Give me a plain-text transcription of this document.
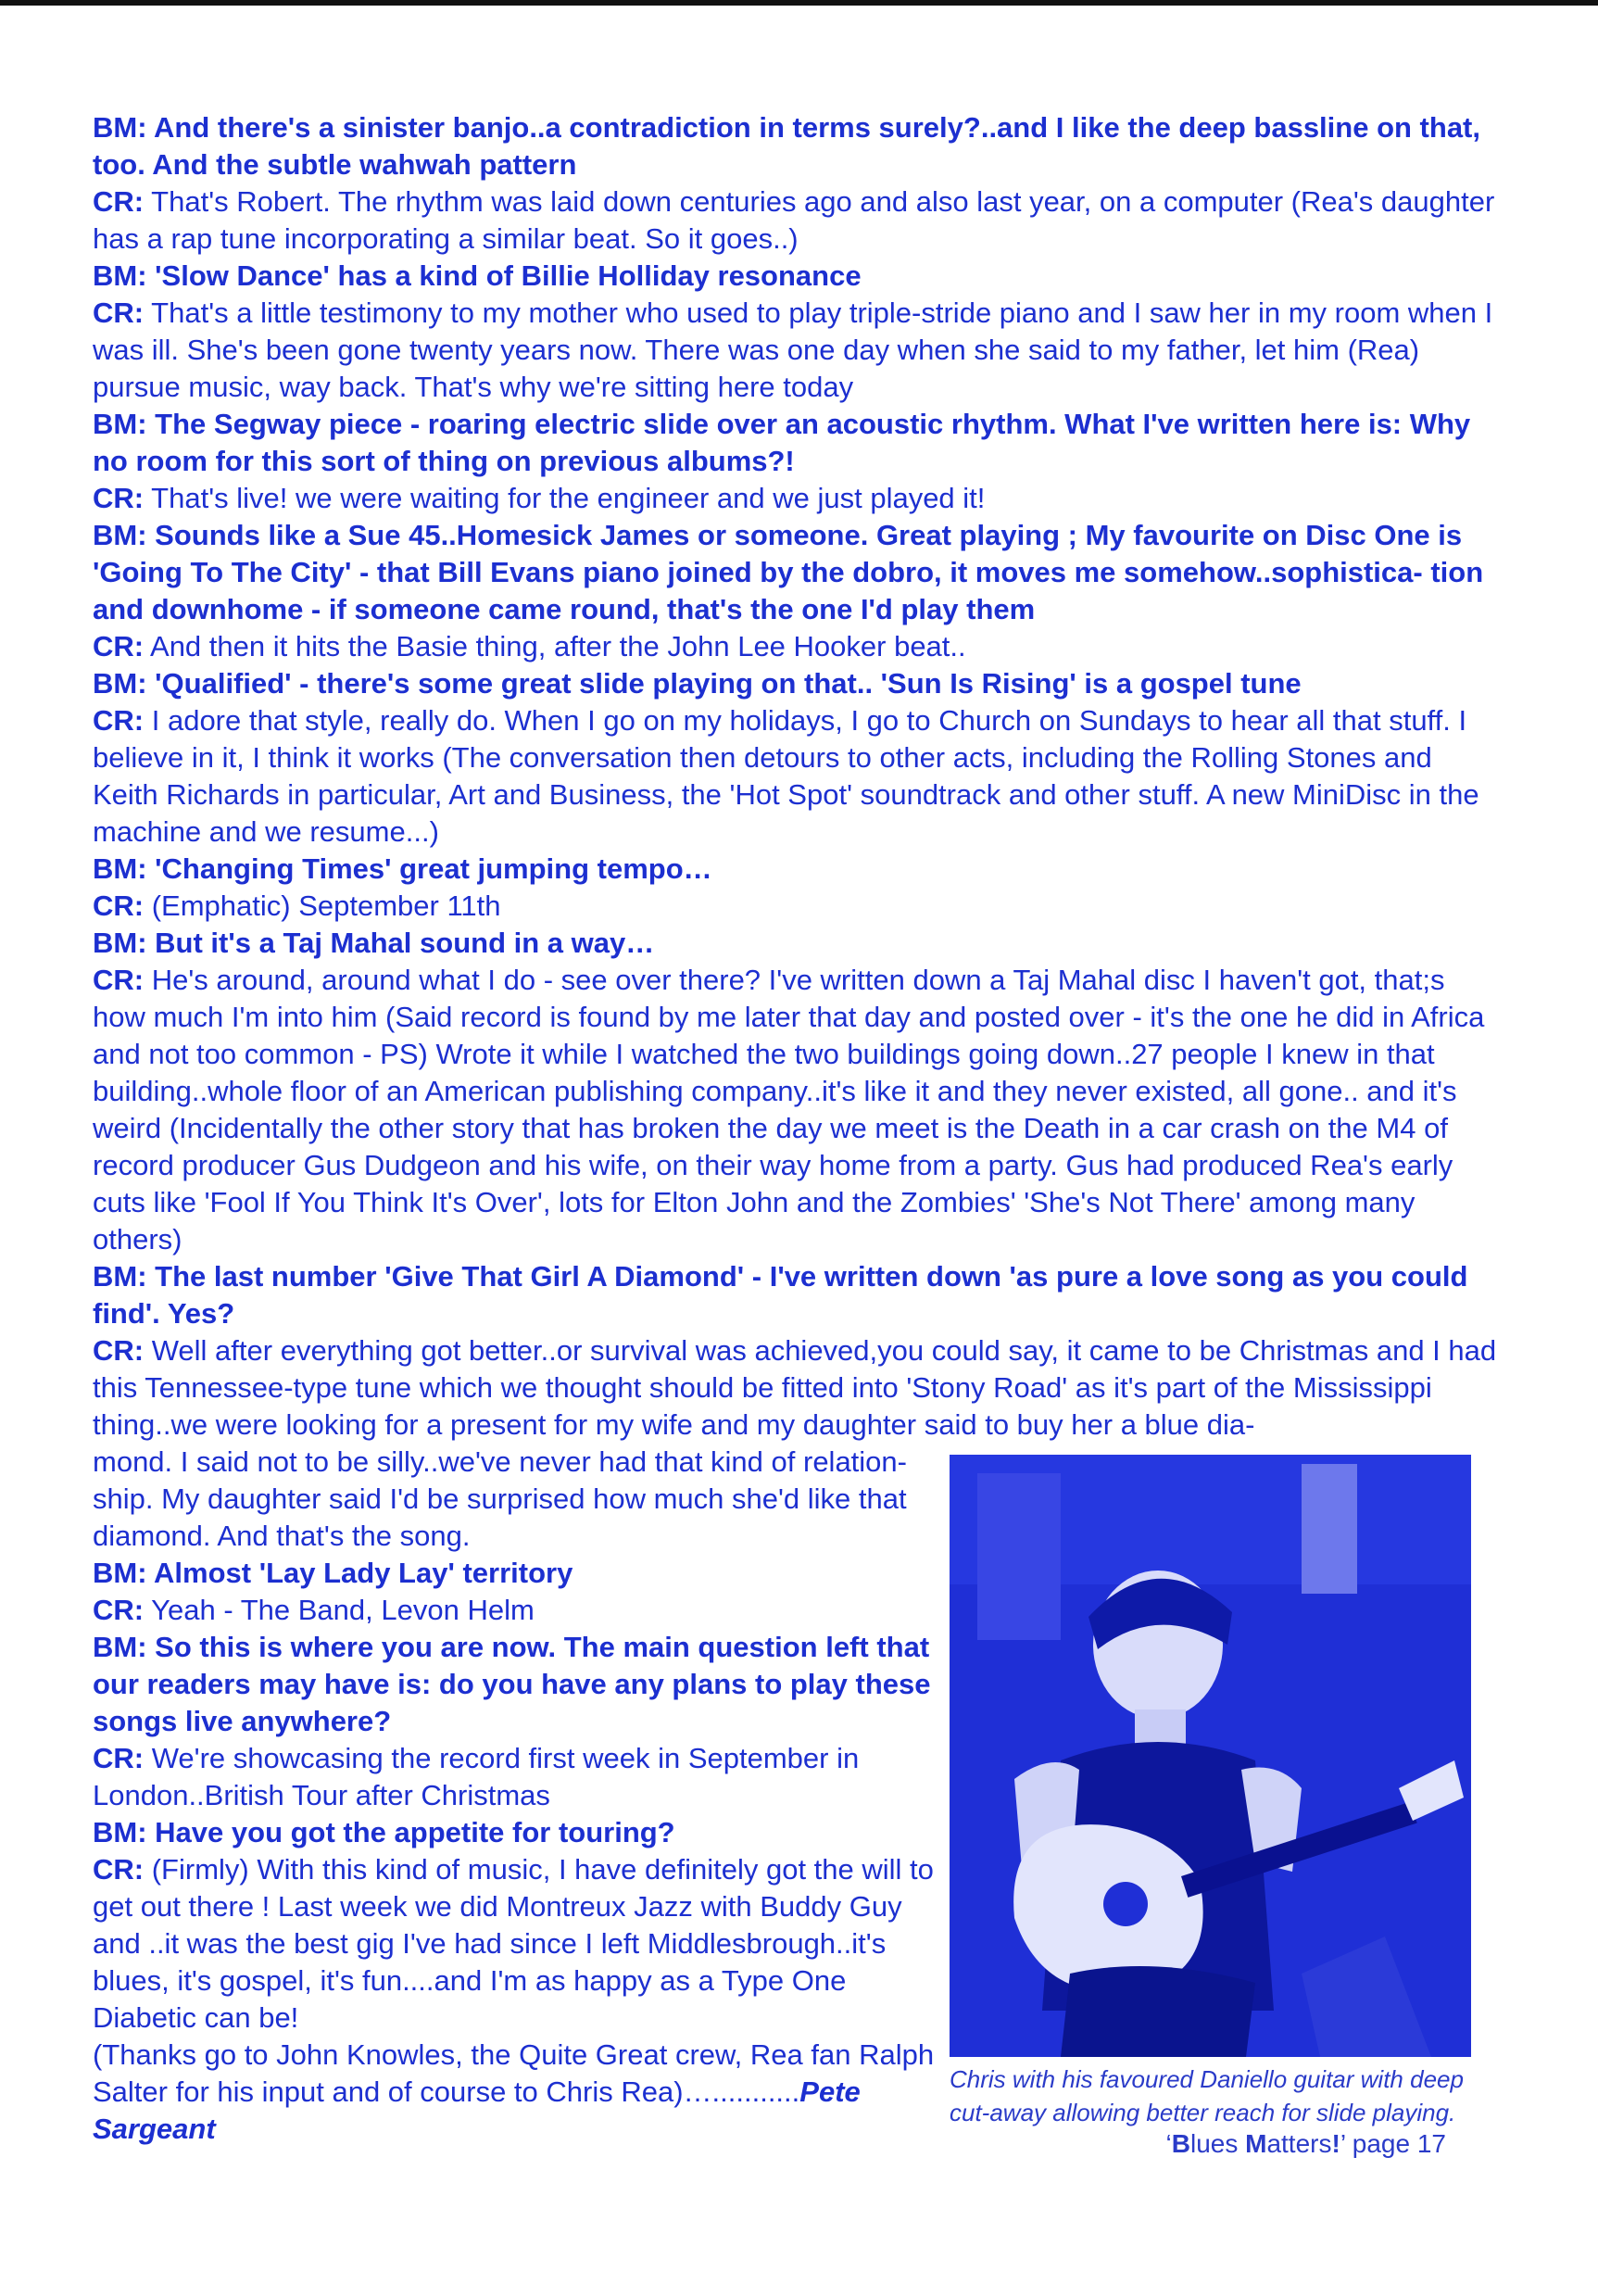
BM: And there's a sinister banjo..a contradiction in terms surely?..and I like the deep bassline on that, too. And the subtle wahwah pattern

CR: That's Robert. The rhythm was laid down centuries ago and also last year, on a computer (Rea's daughter has a rap tune incorporating a similar beat. So it goes..)

BM: 'Slow Dance' has a kind of Billie Holliday resonance

CR: That's a little testimony to my mother who used to play triple-stride piano and I saw her in my room when I was ill. She's been gone twenty years now. There was one day when she said to my father, let him (Rea) pursue music, way back. That's why we're sitting here today

BM: The Segway piece - roaring electric slide over an acoustic rhythm. What I've written here is: Why no room for this sort of thing on previous albums?!

CR: That's live! we were waiting for the engineer and we just played it!

BM: Sounds like a Sue 45..Homesick James or someone. Great playing ; My favourite on Disc One is 'Going To The City' - that Bill Evans piano joined by the dobro, it moves me somehow..sophistica- tion and downhome - if someone came round, that's the one I'd play them

CR: And then it hits the Basie thing, after the John Lee Hooker beat..

BM: 'Qualified' - there's some great slide playing on that.. 'Sun Is Rising' is a gospel tune

CR: I adore that style, really do. When I go on my holidays, I go to Church on Sundays to hear all that stuff. I believe in it, I think it works (The conversation then detours to other acts, including the Rolling Stones and Keith Richards in particular, Art and Business, the 'Hot Spot' soundtrack and other stuff. A new MiniDisc in the machine and we resume...)

BM: 'Changing Times' great jumping tempo…

CR: (Emphatic) September 11th

BM: But it's a Taj Mahal sound in a way…

CR: He's around, around what I do - see over there? I've written down a Taj Mahal disc I haven't got, that;s how much I'm into him (Said record is found by me later that day and posted over - it's the one he did in Africa and not too common - PS) Wrote it while I watched the two buildings going down..27 people I knew in that building..whole floor of an American publishing company..it's like it and they never existed, all gone.. and it's weird (Incidentally the other story that has broken the day we meet is the Death in a car crash on the M4 of record producer Gus Dudgeon and his wife, on their way home from a party. Gus had produced Rea's early cuts like 'Fool If You Think It's Over', lots for Elton John and the Zombies' 'She's Not There' among many others)

BM: The last number 'Give That Girl A Diamond' - I've written down 'as pure a love song as you could find'. Yes?

CR: Well after everything got better..or survival was achieved,you could say, it came to be Christmas and I had this Tennessee-type tune which we thought should be fitted into 'Stony Road' as it's part of the Mississippi thing..we were looking for a present for my wife and my daughter said to buy her a blue dia-

mond. I said not to be silly..we've never had that kind of relation- ship. My daughter said I'd be surprised how much she'd like that diamond. And that's the song.

BM: Almost 'Lay Lady Lay' territory

CR: Yeah - The Band, Levon Helm

BM: So this is where you are now. The main question left that our readers may have is: do you have any plans to play these songs live anywhere?

CR: We're showcasing the record first week in September in London..British Tour after Christmas

BM: Have you got the appetite for touring?

CR: (Firmly) With this kind of music, I have definitely got the will to get out there ! Last week we did Montreux Jazz with Buddy Guy and ..it was the best gig I've had since I left Middlesbrough..it's blues, it's gospel, it's fun....and I'm as happy as a Type One Diabetic can be!

(Thanks go to John Knowles, the Quite Great crew, Rea fan Ralph Salter for his input and of course to Chris Rea)…...........Pete Sargeant

Chris with his favoured Daniello guitar with deep cut-away allowing better reach for slide playing.
‘Blues Matters!’ page 17
